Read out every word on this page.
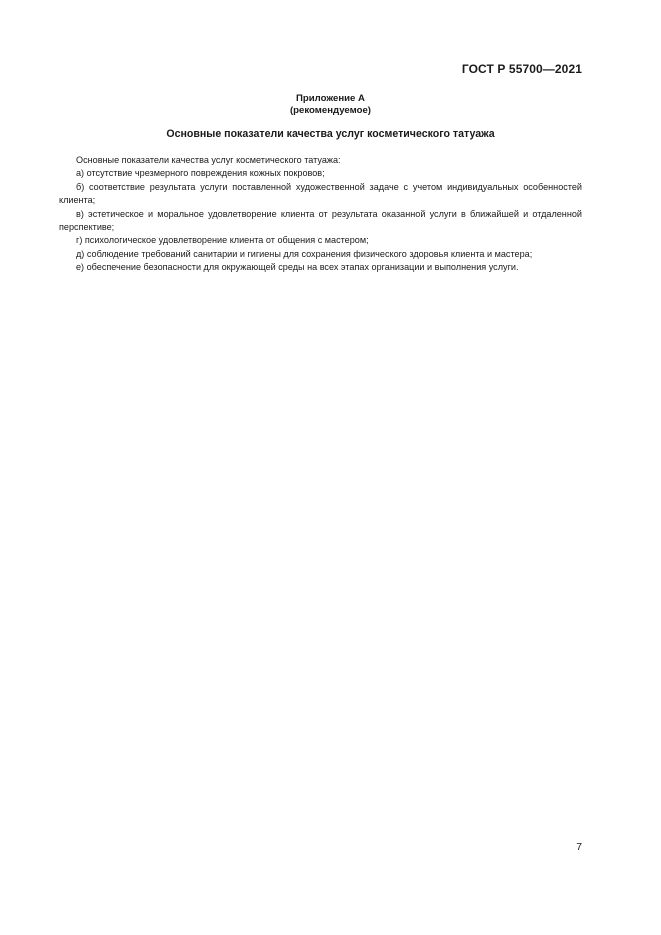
ГОСТ Р 55700—2021

Приложение А
(рекомендуемое)
Основные показатели качества услуг косметического татуажа

Основные показатели качества услуг косметического татуажа:

а) отсутствие чрезмерного повреждения кожных покровов;

б) соответствие результата услуги поставленной художественной задаче с учетом индивидуальных особенностей клиента;

в) эстетическое и моральное удовлетворение клиента от результата оказанной услуги в ближайшей и отдаленной перспективе;

г) психологическое удовлетворение клиента от общения с мастером;

д) соблюдение требований санитарии и гигиены для сохранения физического здоровья клиента и мастера;

е) обеспечение безопасности для окружающей среды на всех этапах организации и выполнения услуги.

7
